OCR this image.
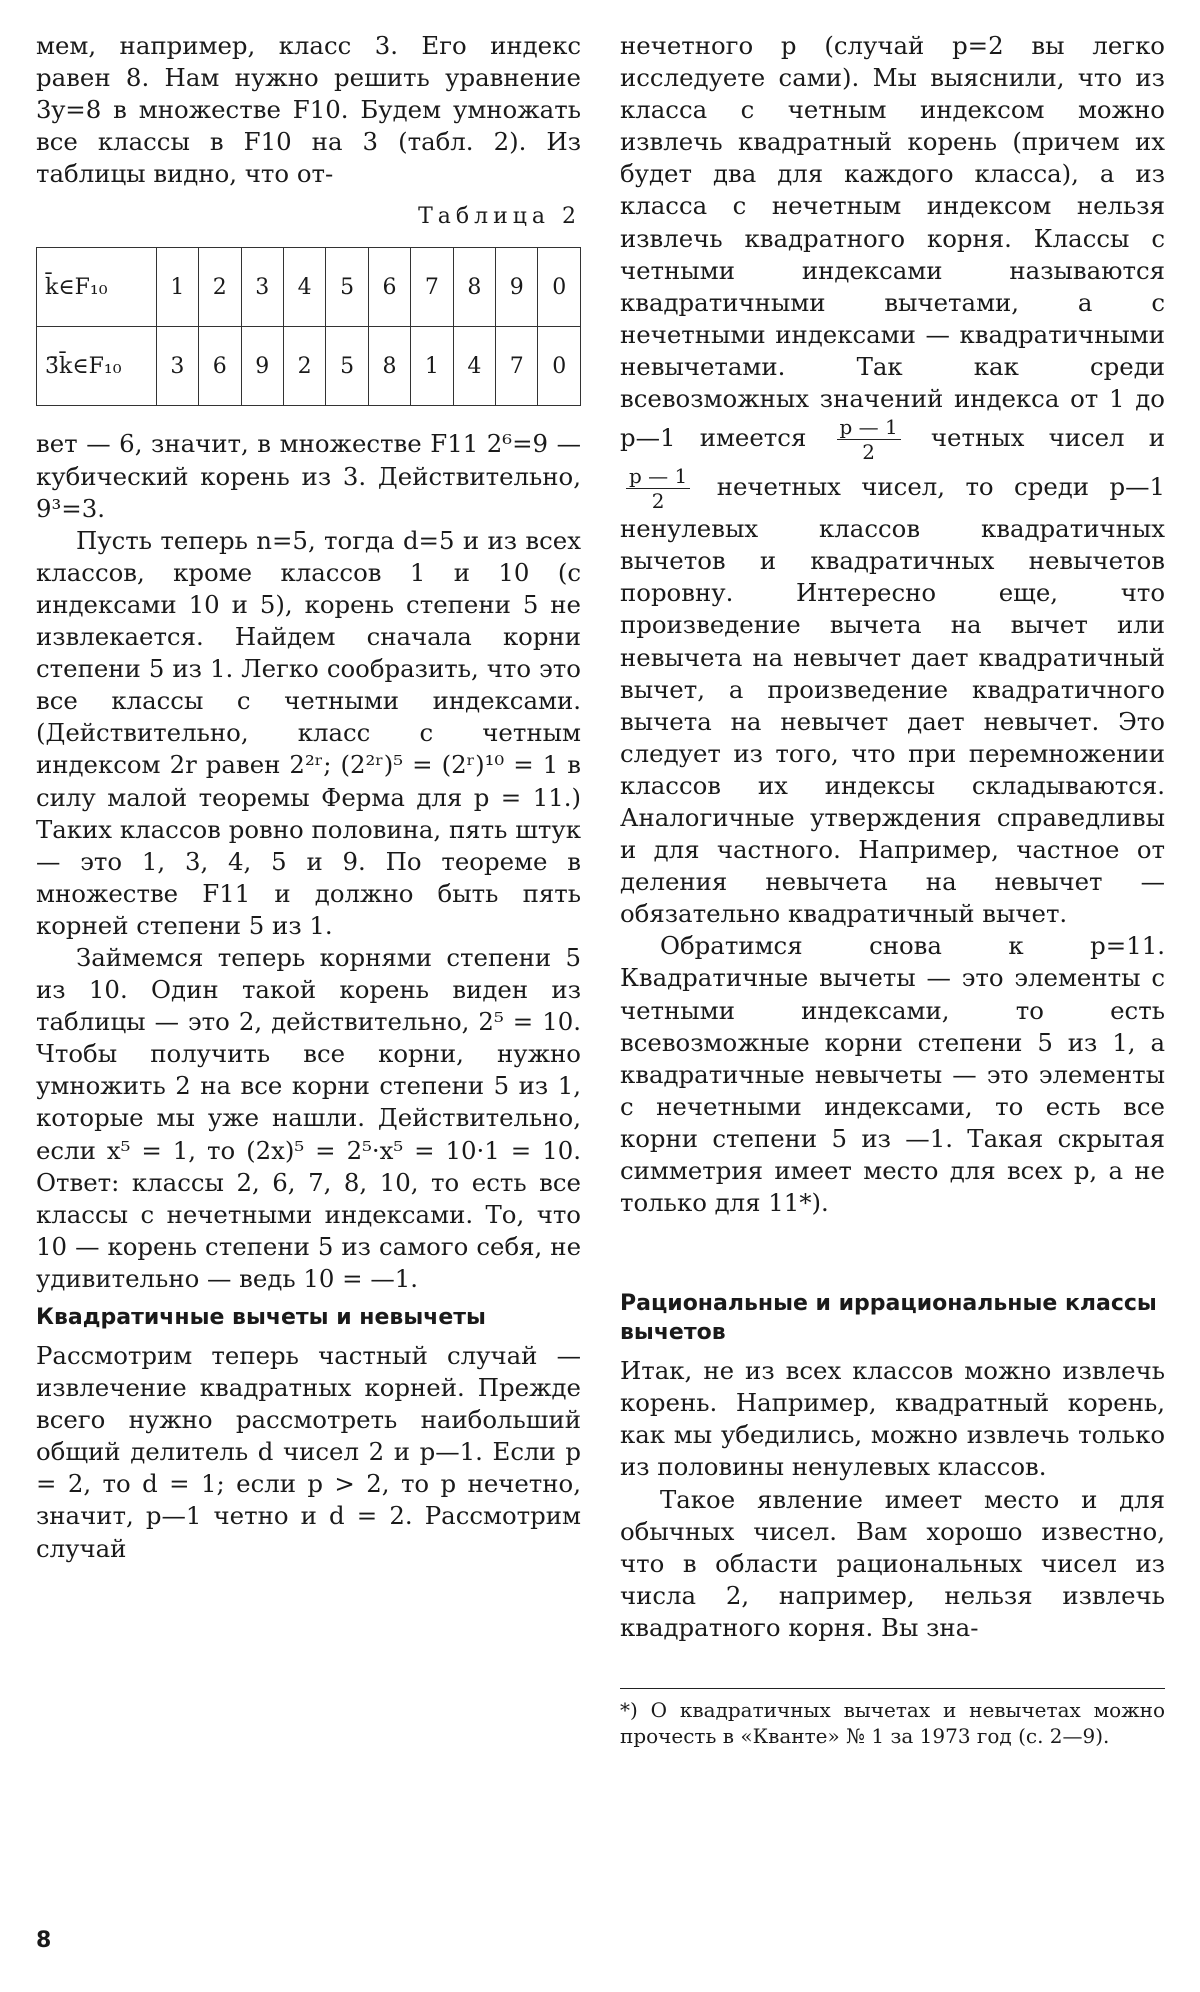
мем, например, класс 3. Его индекс равен 8. Нам нужно решить уравнение 3y=8 в множестве F10. Будем умножать все классы в F10 на 3 (табл. 2). Из таблицы видно, что от-

Таблица 2
k̄∈F₁₀	1	2	3	4	5	6	7	8	9	0
3̄k̄∈F₁₀	3	6	9	2	5	8	1	4	7	0

вет — 6, значит, в множестве F11 2⁶=9 — кубический корень из 3. Действительно, 9³=3.

Пусть теперь n=5, тогда d=5 и из всех классов, кроме классов 1 и 10 (с индексами 10 и 5), корень степени 5 не извлекается. Найдем сначала корни степени 5 из 1. Легко сообразить, что это все классы с четными индексами. (Действительно, класс с четным индексом 2r равен 2²ʳ; (2²ʳ)⁵ = (2ʳ)¹⁰ = 1 в силу малой теоремы Ферма для p = 11.) Таких классов ровно половина, пять штук — это 1, 3, 4, 5 и 9. По теореме в множестве F11 и должно быть пять корней степени 5 из 1.

Займемся теперь корнями степени 5 из 10. Один такой корень виден из таблицы — это 2, действительно, 2⁵ = 10. Чтобы получить все корни, нужно умножить 2 на все корни степени 5 из 1, которые мы уже нашли. Действительно, если x⁵ = 1, то (2x)⁵ = 2⁵·x⁵ = 10·1 = 10. Ответ: классы 2, 6, 7, 8, 10, то есть все классы с нечетными индексами. То, что 10 — корень степени 5 из самого себя, не удивительно — ведь 10 = —1.

Квадратичные вычеты и невычеты

Рассмотрим теперь частный случай — извлечение квадратных корней. Прежде всего нужно рассмотреть наибольший общий делитель d чисел 2 и p—1. Если p = 2, то d = 1; если p > 2, то p нечетно, значит, p—1 четно и d = 2. Рассмотрим случай

нечетного p (случай p=2 вы легко исследуете сами). Мы выяснили, что из класса с четным индексом можно извлечь квадратный корень (причем их будет два для каждого класса), а из класса с нечетным индексом нельзя извлечь квадратного корня. Классы с четными индексами называются квадратичными вычетами, а с нечетными индексами — квадратичными невычетами. Так как среди всевозможных значений индекса от 1 до p—1 имеется $\frac{p — 1}{2}$ четных чисел и
$\frac{p — 1}{2}$ нечетных чисел, то среди p—1 ненулевых классов квадратичных вычетов и квадратичных невычетов поровну. Интересно еще, что произведение вычета на вычет или невычета на невычет дает квадратичный вычет, а произведение квадратичного вычета на невычет дает невычет. Это следует из того, что при перемножении классов их индексы складываются. Аналогичные утверждения справедливы и для частного. Например, частное от деления невычета на невычет — обязательно квадратичный вычет.

Обратимся снова к p=11. Квадратичные вычеты — это элементы с четными индексами, то есть всевозможные корни степени 5 из 1, а квадратичные невычеты — это элементы с нечетными индексами, то есть все корни степени 5 из —1. Такая скрытая симметрия имеет место для всех p, а не только для 11*).

Рациональные и иррациональные классы вычетов

Итак, не из всех классов можно извлечь корень. Например, квадратный корень, как мы убедились, можно извлечь только из половины ненулевых классов.

Такое явление имеет место и для обычных чисел. Вам хорошо известно, что в области рациональных чисел из числа 2, например, нельзя извлечь квадратного корня. Вы зна-

*) О квадратичных вычетах и невычетах можно прочесть в «Кванте» № 1 за 1973 год (с. 2—9).

8
